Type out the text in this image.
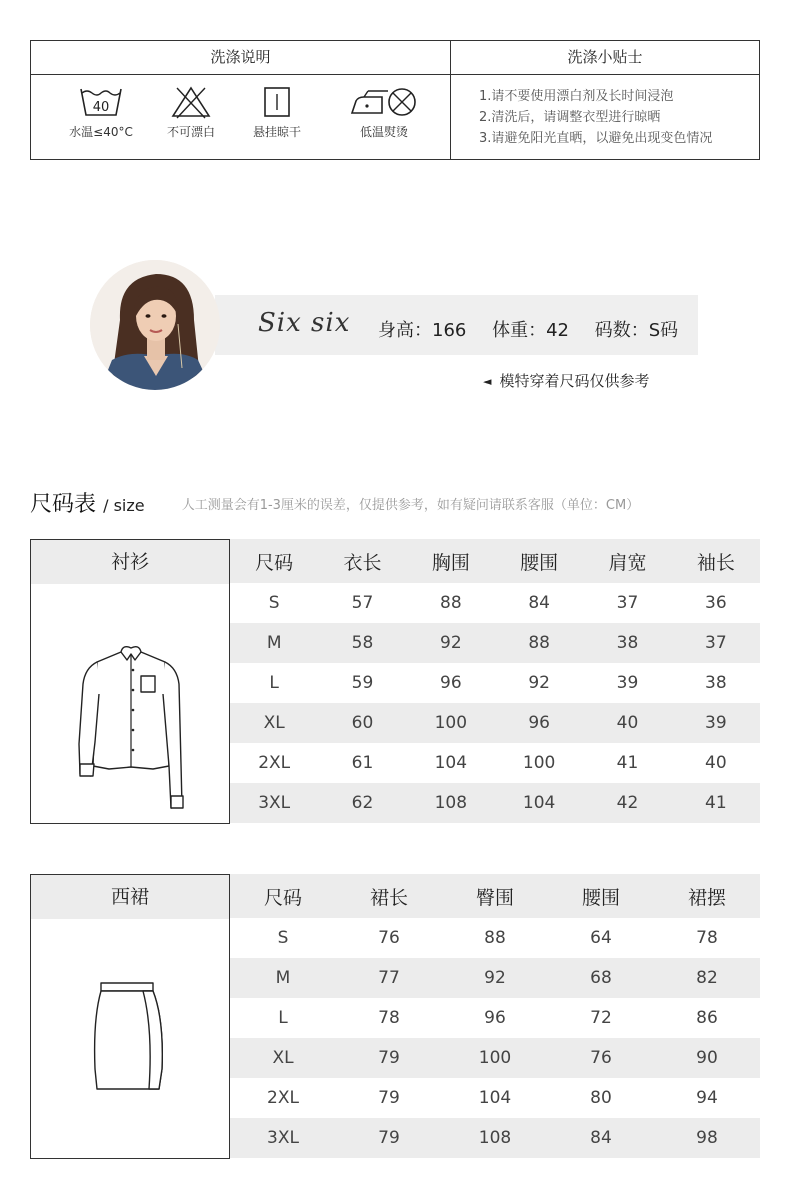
洗涤说明
40
水温≤40°C	不可漂白	悬挂晾干	低温熨烫
洗涤小贴士
1.请不要使用漂白剂及长时间浸泡
2.清洗后，请调整衣型进行晾晒
3.请避免阳光直晒，以避免出现变色情况
Six six 身高：166 体重：42 码数：S码
◄ 模特穿着尺码仅供参考
尺码表 / size	人工测量会有1-3厘米的误差，仅提供参考，如有疑问请联系客服（单位：CM）
衬衫	尺码	衣长	胸围	腰围	肩宽	袖长
S	57	88	84	37	36
M	58	92	88	38	37
L	59	96	92	39	38
XL	60	100	96	40	39
2XL	61	104	100	41	40
3XL	62	108	104	42	41
西裙	尺码	裙长	臀围	腰围	裙摆
S	76	88	64	78
M	77	92	68	82
L	78	96	72	86
XL	79	100	76	90
2XL	79	104	80	94
3XL	79	108	84	98
